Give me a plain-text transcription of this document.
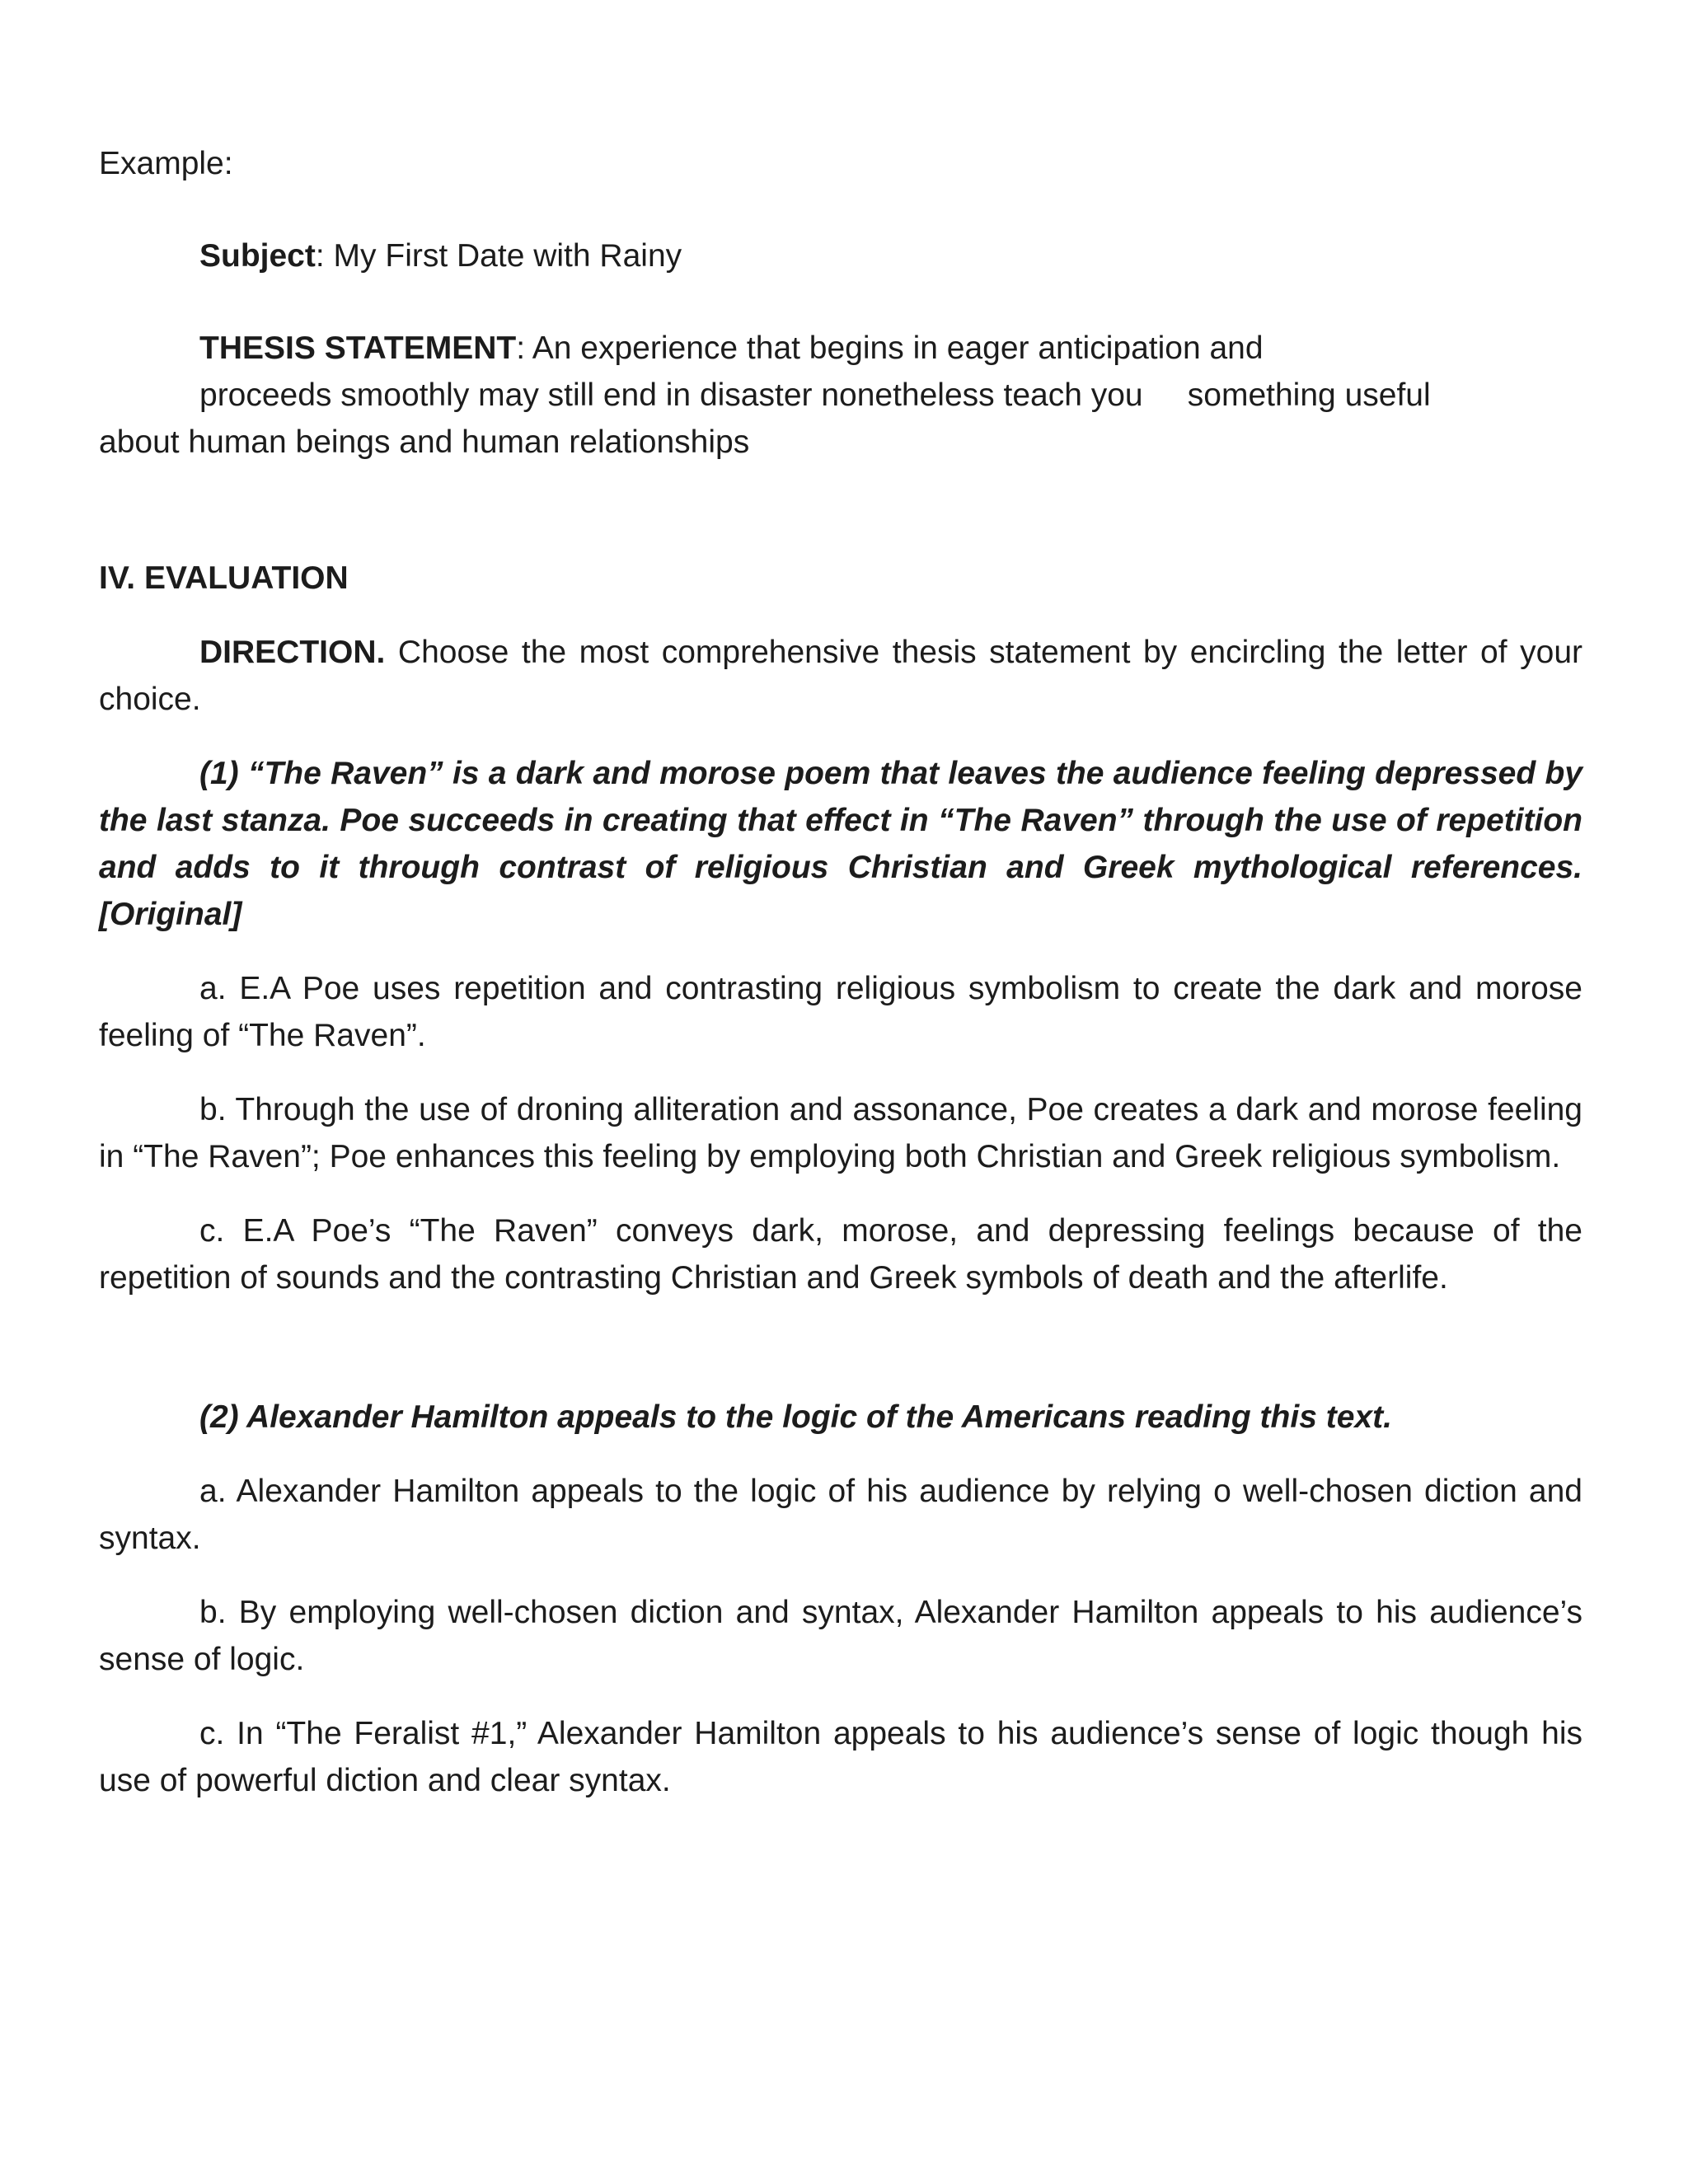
Example:

Subject: My First Date with Rainy

THESIS STATEMENT: An experience that begins in eager anticipation and
proceeds smoothly may still end in disaster nonetheless teach you     something useful
about human beings and human relationships

IV. EVALUATION

DIRECTION. Choose the most comprehensive thesis statement by encircling the letter of your choice.

(1) “The Raven” is a dark and morose poem that leaves the audience feeling depressed by the last stanza. Poe succeeds in creating that effect in “The Raven” through the use of repetition and adds to it through contrast of religious Christian and Greek mythological references. [Original]

a. E.A Poe uses repetition and contrasting religious symbolism to create the dark and morose feeling of “The Raven”.

b. Through the use of droning alliteration and assonance, Poe creates a dark and morose feeling in “The Raven”; Poe enhances this feeling by employing both Christian and Greek religious symbolism.

c. E.A Poe’s “The Raven” conveys dark, morose, and depressing feelings because of the repetition of sounds and the contrasting Christian and Greek symbols of death and the afterlife.

(2) Alexander Hamilton appeals to the logic of the Americans reading this text.

a. Alexander Hamilton appeals to the logic of his audience by relying o well-chosen diction and syntax.

b. By employing well-chosen diction and syntax, Alexander Hamilton appeals to his audience’s sense of logic.

c. In “The Feralist #1,” Alexander Hamilton appeals to his audience’s sense of logic though his use of powerful diction and clear syntax.
